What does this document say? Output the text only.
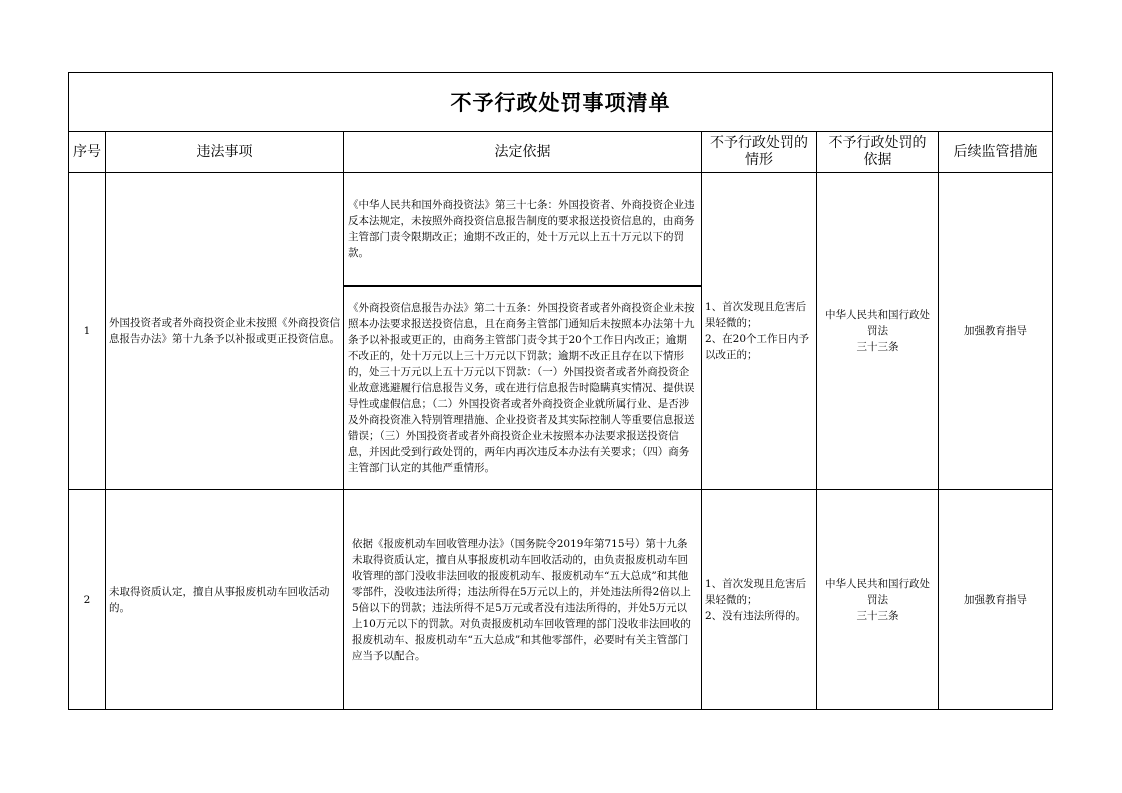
不予行政处罚事项清单
序号	违法事项	法定依据
不予行政处罚的情形
不予行政处罚的依据
后续监管措施
1
外国投资者或者外商投资企业未按照《外商投资信息报告办法》第十九条予以补报或更正投资信息。
《中华人民共和国外商投资法》第三十七条：外国投资者、外商投资企业违反本法规定，未按照外商投资信息报告制度的要求报送投资信息的，由商务主管部门责令限期改正；逾期不改正的，处十万元以上五十万元以下的罚款。
《外商投资信息报告办法》第二十五条：外国投资者或者外商投资企业未按照本办法要求报送投资信息，且在商务主管部门通知后未按照本办法第十九条予以补报或更正的，由商务主管部门责令其于20个工作日内改正；逾期不改正的，处十万元以上三十万元以下罚款；逾期不改正且存在以下情形的，处三十万元以上五十万元以下罚款：（一）外国投资者或者外商投资企业故意逃避履行信息报告义务，或在进行信息报告时隐瞒真实情况、提供误导性或虚假信息；（二）外国投资者或者外商投资企业就所属行业、是否涉及外商投资准入特别管理措施、企业投资者及其实际控制人等重要信息报送错误；（三）外国投资者或者外商投资企业未按照本办法要求报送投资信息，并因此受到行政处罚的，两年内再次违反本办法有关要求；（四）商务主管部门认定的其他严重情形。
1、首次发现且危害后果轻微的；
2、在20个工作日内予以改正的；
中华人民共和国行政处罚法
三十三条
加强教育指导
2
未取得资质认定，擅自从事报废机动车回收活动的。
依据《报废机动车回收管理办法》（国务院令2019年第715号）第十九条　　未取得资质认定，擅自从事报废机动车回收活动的，由负责报废机动车回收管理的部门没收非法回收的报废机动车、报废机动车“五大总成”和其他零部件，没收违法所得；违法所得在5万元以上的，并处违法所得2倍以上5倍以下的罚款；违法所得不足5万元或者没有违法所得的，并处5万元以上10万元以下的罚款。对负责报废机动车回收管理的部门没收非法回收的报废机动车、报废机动车“五大总成”和其他零部件，必要时有关主管部门应当予以配合。
1、首次发现且危害后果轻微的；
2、没有违法所得的。
中华人民共和国行政处罚法
三十三条
加强教育指导
